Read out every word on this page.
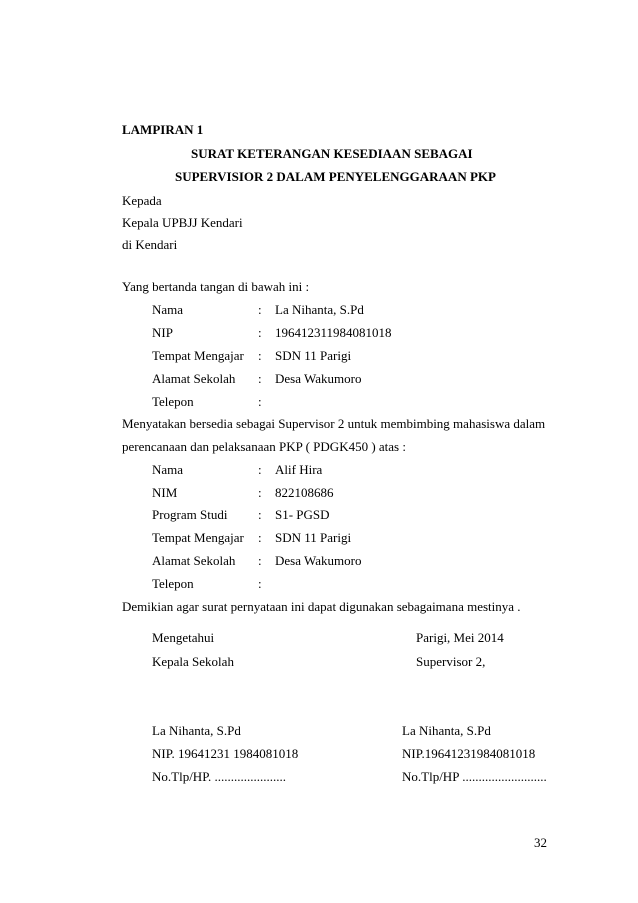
LAMPIRAN 1
SURAT KETERANGAN KESEDIAAN SEBAGAI
SUPERVISIOR 2 DALAM PENYELENGGARAAN PKP
Kepada
Kepala UPBJJ Kendari
di Kendari
Yang bertanda tangan di bawah ini :
Nama	: La Nihanta, S.Pd
NIP	: 196412311984081018
Tempat Mengajar : SDN 11 Parigi
Alamat Sekolah : Desa Wakumoro
Telepon	:
Menyatakan bersedia sebagai Supervisor 2 untuk membimbing mahasiswa dalam
perencanaan dan pelaksanaan PKP ( PDGK450 ) atas :
Nama	: Alif Hira
NIM	: 822108686
Program Studi : S1- PGSD
Tempat Mengajar : SDN 11 Parigi
Alamat Sekolah : Desa Wakumoro
Telepon	:
Demikian agar surat pernyataan ini dapat digunakan sebagaimana mestinya .
Mengetahui
Kepala Sekolah
La Nihanta, S.Pd
NIP. 19641231 1984081018
No.Tlp/HP. ......................
Parigi, Mei 2014
Supervisor 2,
La Nihanta, S.Pd
NIP.19641231984081018
No.Tlp/HP ..........................
32
